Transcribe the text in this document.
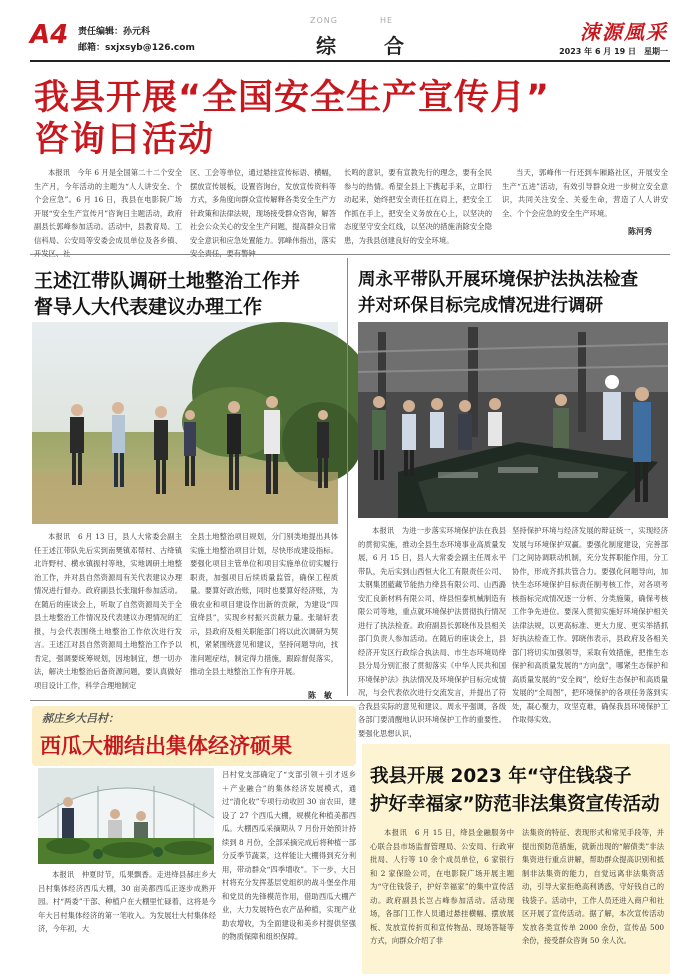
A4 责任编辑：孙元科
邮箱：sxjxsyb@126.com
ZONG	HE
综 合
涑源風采
2023 年 6 月 19 日　星期一
我县开展“全国安全生产宣传月”
咨询日活动
本报讯　今年 6 月是全国第二十二个安全生产月，今年活动的主题为“人人讲安全、个个会应急”。6 月 16 日，我县在电影院广场开展“安全生产宣传月”咨询日主题活动，政府副县长郭峰参加活动。活动中，县教育局、工信科局、公安局等安委会成员单位及各乡镇、
区、工会等单位，通过悬挂宣传标语、横幅，摆放宣传展板，设置咨询台，发放宣传资料等方式，多角度向群众宣传解释各类安全生产方针政策和法律法规，现场接受群众咨询，解答社会公众关心的安全生产问题，提高群众日常安全意识和应急处置能力。郭峰伟指出，落实
长鸣的意识，要有宣教先行的理念，要有全民参与的热情。希望全县上下携起手来，立即行动起来，始终把安全责任扛在肩上，把安全工作抓在手上，把安全义务放在心上，以坚决的态度坚守安全红线，以坚决的措施消除安全隐患，为我县创建良好的安全环境。
当天，郭峰伟一行还到车厢路社区，开展安全生产“五进”活动，有效引导群众进一步树立安全意识，共同关注安全、关爱生命，营造了人人讲安全、个个会应急的安全生产环境。
陈河秀
王述江带队调研土地整治工作并
督导人大代表建议办理工作
本报讯　6 月 13 日，县人大常委会副主任王述江带队先后实到南樊镇邓帮村、古绛镇北许野村、横水镇振村等地，实地调研土地整治工作，并对县自然资源局有关代表建议办理情况进行督办。政府副县长张瑞轩参加活动。在随后的座谈会上，听取了自然资源局关于全县土地整治工作情况及代表建议办理情况的汇报，与会代表围绕土地整治工作依次进行发言。王述江对县自然资源局土地整治工作予以肯定，强调要统筹规划，因地制宜，想一切办法，解决土地整治后备资源问题，要认真做好项目设计工作，科学合理地制定
全县土地整治项目规划，分门别类地提出具体实施土地整治项目计划，尽快形成建设指标。要强化项目主管单位和项目实施单位切实履行职责，加强项目后续质量监管，确保工程质量。要算好政治账，同时也要算好经济账，为俄农业和项目建设作出新的贡献，为建设“四宜绛县”，实现乡村振兴贡献力量。张瑞轩表示，县政府及相关职能部门将以此次调研为契机，紧紧围绕意见和建议，坚持问题导向，找准问题症结，制定得力措施，跟踪督促落实，推动全县土地整治工作有序开展。
陈　敏
周永平带队开展环境保护法执法检查
并对环保目标完成情况进行调研
本报讯　为进一步落实环境保护法在我县的贯彻实施，推动全县生态环境事业高质量发展，6 月 15 日，县人大常委会副主任周永平带队，先后实到山西恒大化工有限责任公司、太钢集团藍藏节能热力绛县有限公司、山西潞安汇良新材料有限公司、绛县恒泰机械制造有限公司等地，重点就环境保护法贯彻执行情况进行了执法检查。政府副县长郭晓伟及县相关部门负责人参加活动。在随后的座谈会上，县经济开发区行政综合执法局、市生态环境局绛县分局分别汇报了贯彻落实《中华人民共和国环境保护法》执法情况及环境保护目标完成情况，与会代表依次进行交流发言，并提出了符合我县实际的意见和建议。周永平强调，各级各部门要清醒地认识环境保护工作的重要性。要强化思想认识，
坚持保护环境与经济发展的辩证统一，实现经济发展与环境保护双赢。要强化制度建设，完善部门之间协调联动机制，充分发挥职能作用，分工协作，形成齐抓共管合力。要强化问题导向，加快生态环境保护目标责任制考核工作，对各项考核指标完成情况逐一分析、分类施策，确保考核工作争先进位。要深入贯彻实施好环境保护相关法律法规，以更高标准、更大力度、更实举措抓好执法检查工作。郭晓伟表示，县政府及各相关部门将切实加强领导，采取有效措施，把推生态保护和高质量发展的“方向盘”，哪紧生态保护和高质量发展的“安全阀”，绘好生态保护和高质量发展的“全局图”，把环境保护的各项任务落到实处，凝心聚力，攻坚克难，确保我县环境保护工作取得实效。
郝庄乡大吕村：
西瓜大棚结出集体经济硕果
吕村党支部确定了“支部引领＋引才返乡＋产业融合”的集体经济发展模式，通过“清化收”专项行动收回 30 亩农田，建设了 27 个西瓜大棚，规模化种植美都西瓜。大棚西瓜采摘期从 7 月份开始预计持续到 8 月份，全部采摘完成后将种植一部分反季节蔬菜，这样能让大棚得到充分利用，带动群众“四季增收”。下一步，大吕村将充分发挥基层党组织的战斗堡垒作用和党员的先锋模范作用，借助西瓜大棚产业，大力发展特色农产品种植，实现产业助农增收，为全面建设和美乡村提供坚强的物质保障和组织保障。
本报讯　仲夏时节，瓜果飘香。走进绛县郝庄乡大吕村集体经济西瓜大棚，30 亩美都西瓜正逐步成熟开园。村“两委”干部、种植户在大棚里忙碌着，这将是今年大吕村集体经济的第一笔收入。为发展壮大村集体经济，今年初，大
我县开展 2023 年“守住钱袋子
护好幸福家”防范非法集资宣传活动
本报讯　6 月 15 日，绛县金融服务中心联合县市场监督管理局、公安局、行政审批局、人行等 10 余个成员单位，6 家银行和 2 家保险公司，在电影院广场开展主题为“守住钱袋子，护好幸福家”的集中宣传活动。政府副县长岂占峰参加活动。活动现场，各部门工作人员通过悬挂横幅、摆放展板、发放宣传折页和宣传物品、现场答疑等方式，向群众介绍了非
法集资的特征、表现形式和常见手段等，并提出预防范措施，就新出现的“解债类”非法集资进行重点讲解，帮助群众提高识别和抵制非法集资的能力，自觉远离非法集资活动，引导大家拒绝高利诱惑，守好钱自己的钱袋子。活动中，工作人员还进入商户和社区开展了宣传活动。据了解，本次宣传活动发放各类宣传单 2000 余份，宣传品 500 余份，接受群众咨询 50 余人次。
